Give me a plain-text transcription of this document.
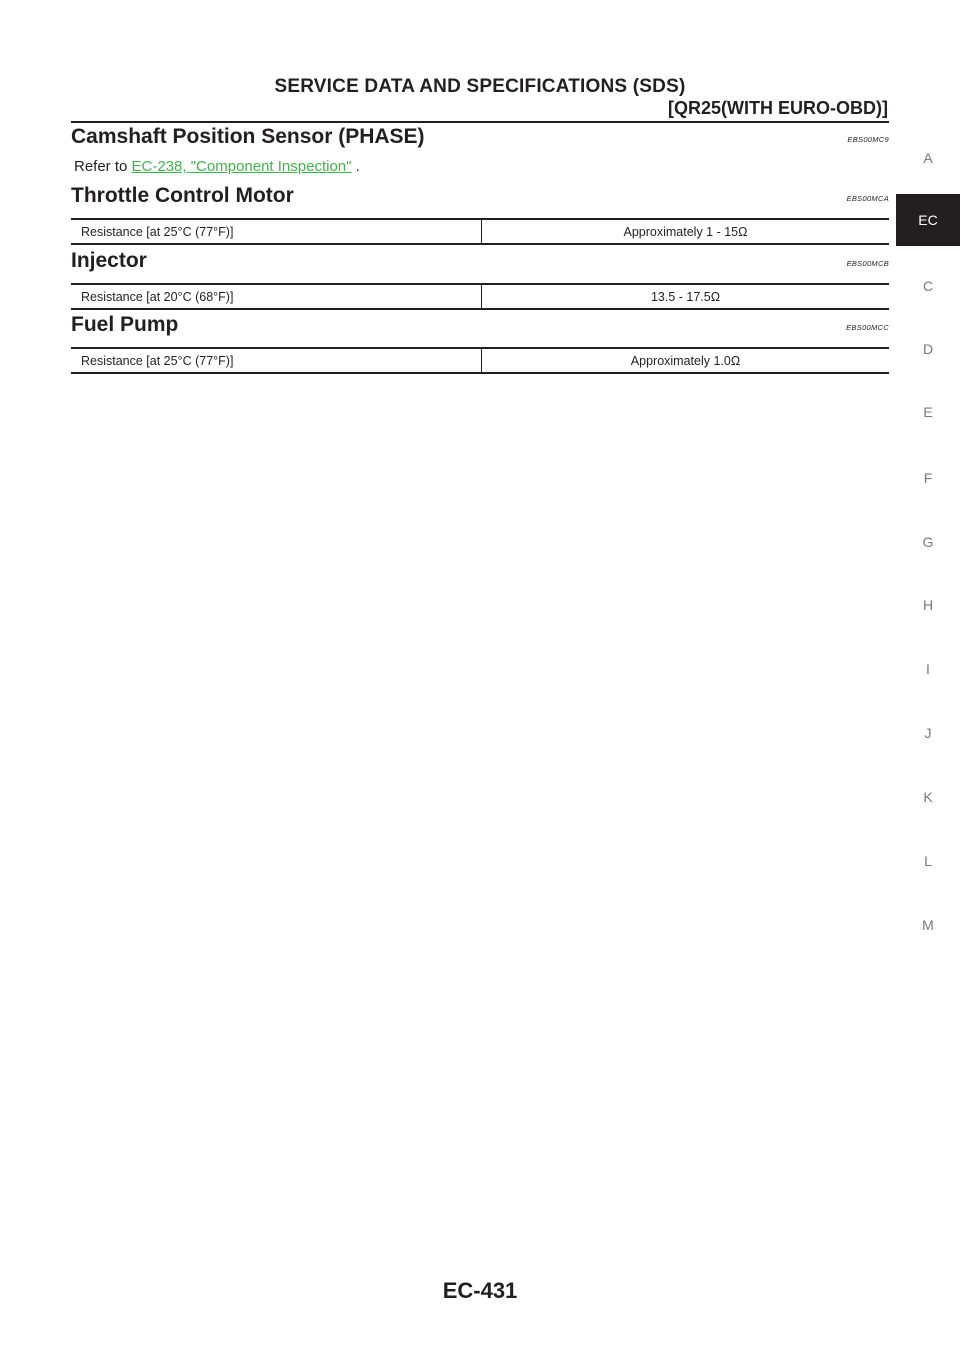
SERVICE DATA AND SPECIFICATIONS (SDS)
[QR25(WITH EURO-OBD)]
Camshaft Position Sensor (PHASE)	EBS00MC9
Refer to EC-238, "Component Inspection" .
Throttle Control Motor	EBS00MCA
Resistance [at 25°C (77°F)]	Approximately 1 - 15Ω
Injector	EBS00MCB
Resistance [at 20°C (68°F)]	13.5 - 17.5Ω
Fuel Pump	EBS00MCC
Resistance [at 25°C (77°F)]	Approximately 1.0Ω
A
EC
C
D
E
F
G
H
I
J
K
L
M
EC-431
